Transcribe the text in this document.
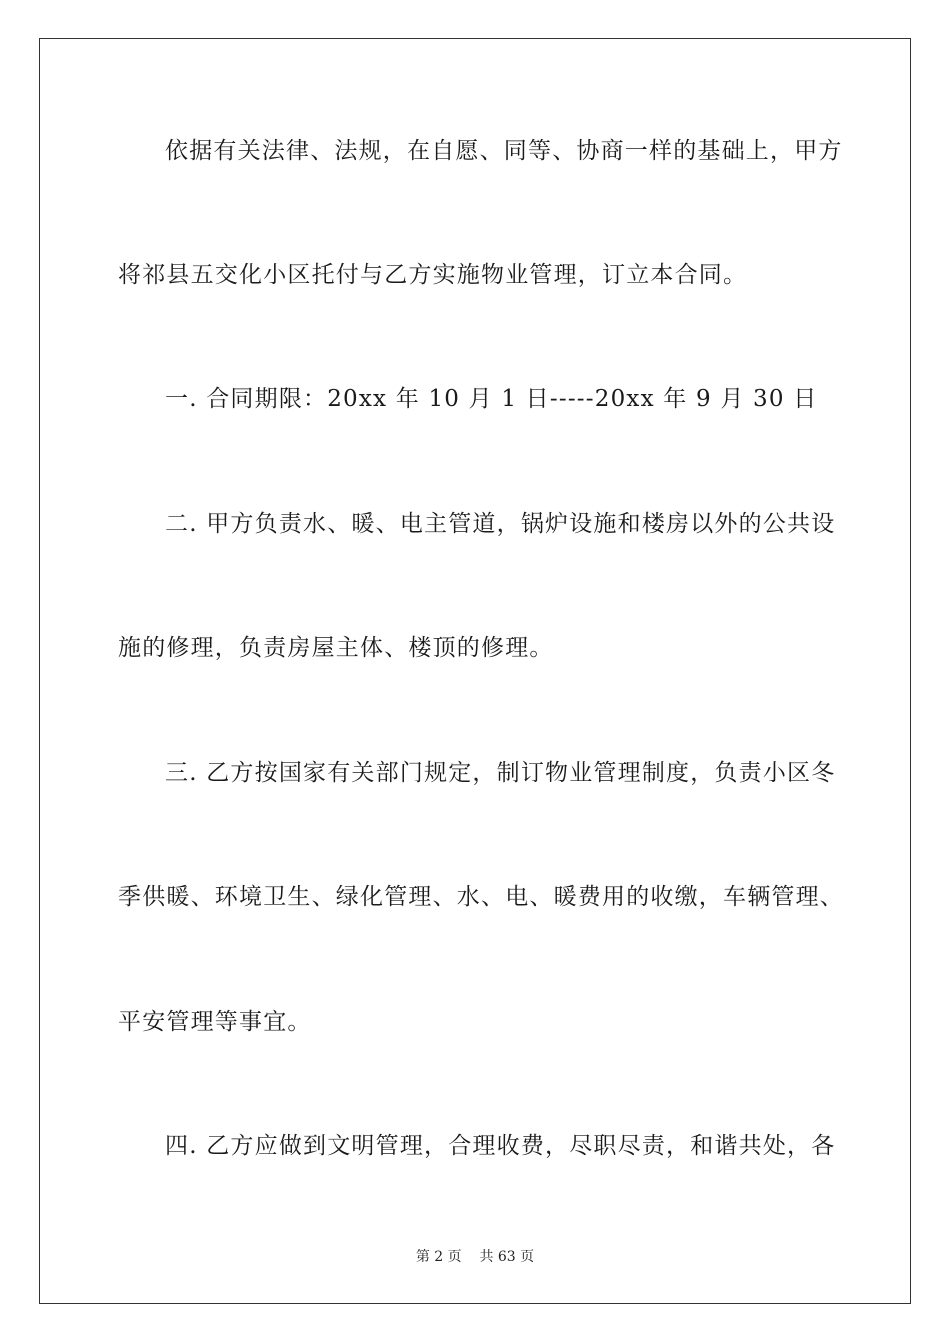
依据有关法律、法规，在自愿、同等、协商一样的基础上，甲方
将祁县五交化小区托付与乙方实施物业管理，订立本合同。
一. 合同期限：20xx 年 10 月 1 日-----20xx 年 9 月 30 日
二. 甲方负责水、暖、电主管道，锅炉设施和楼房以外的公共设
施的修理，负责房屋主体、楼顶的修理。
三. 乙方按国家有关部门规定，制订物业管理制度，负责小区冬
季供暖、环境卫生、绿化管理、水、电、暖费用的收缴，车辆管理、
平安管理等事宜。
四. 乙方应做到文明管理，合理收费，尽职尽责，和谐共处，各
第 2 页 共 63 页
